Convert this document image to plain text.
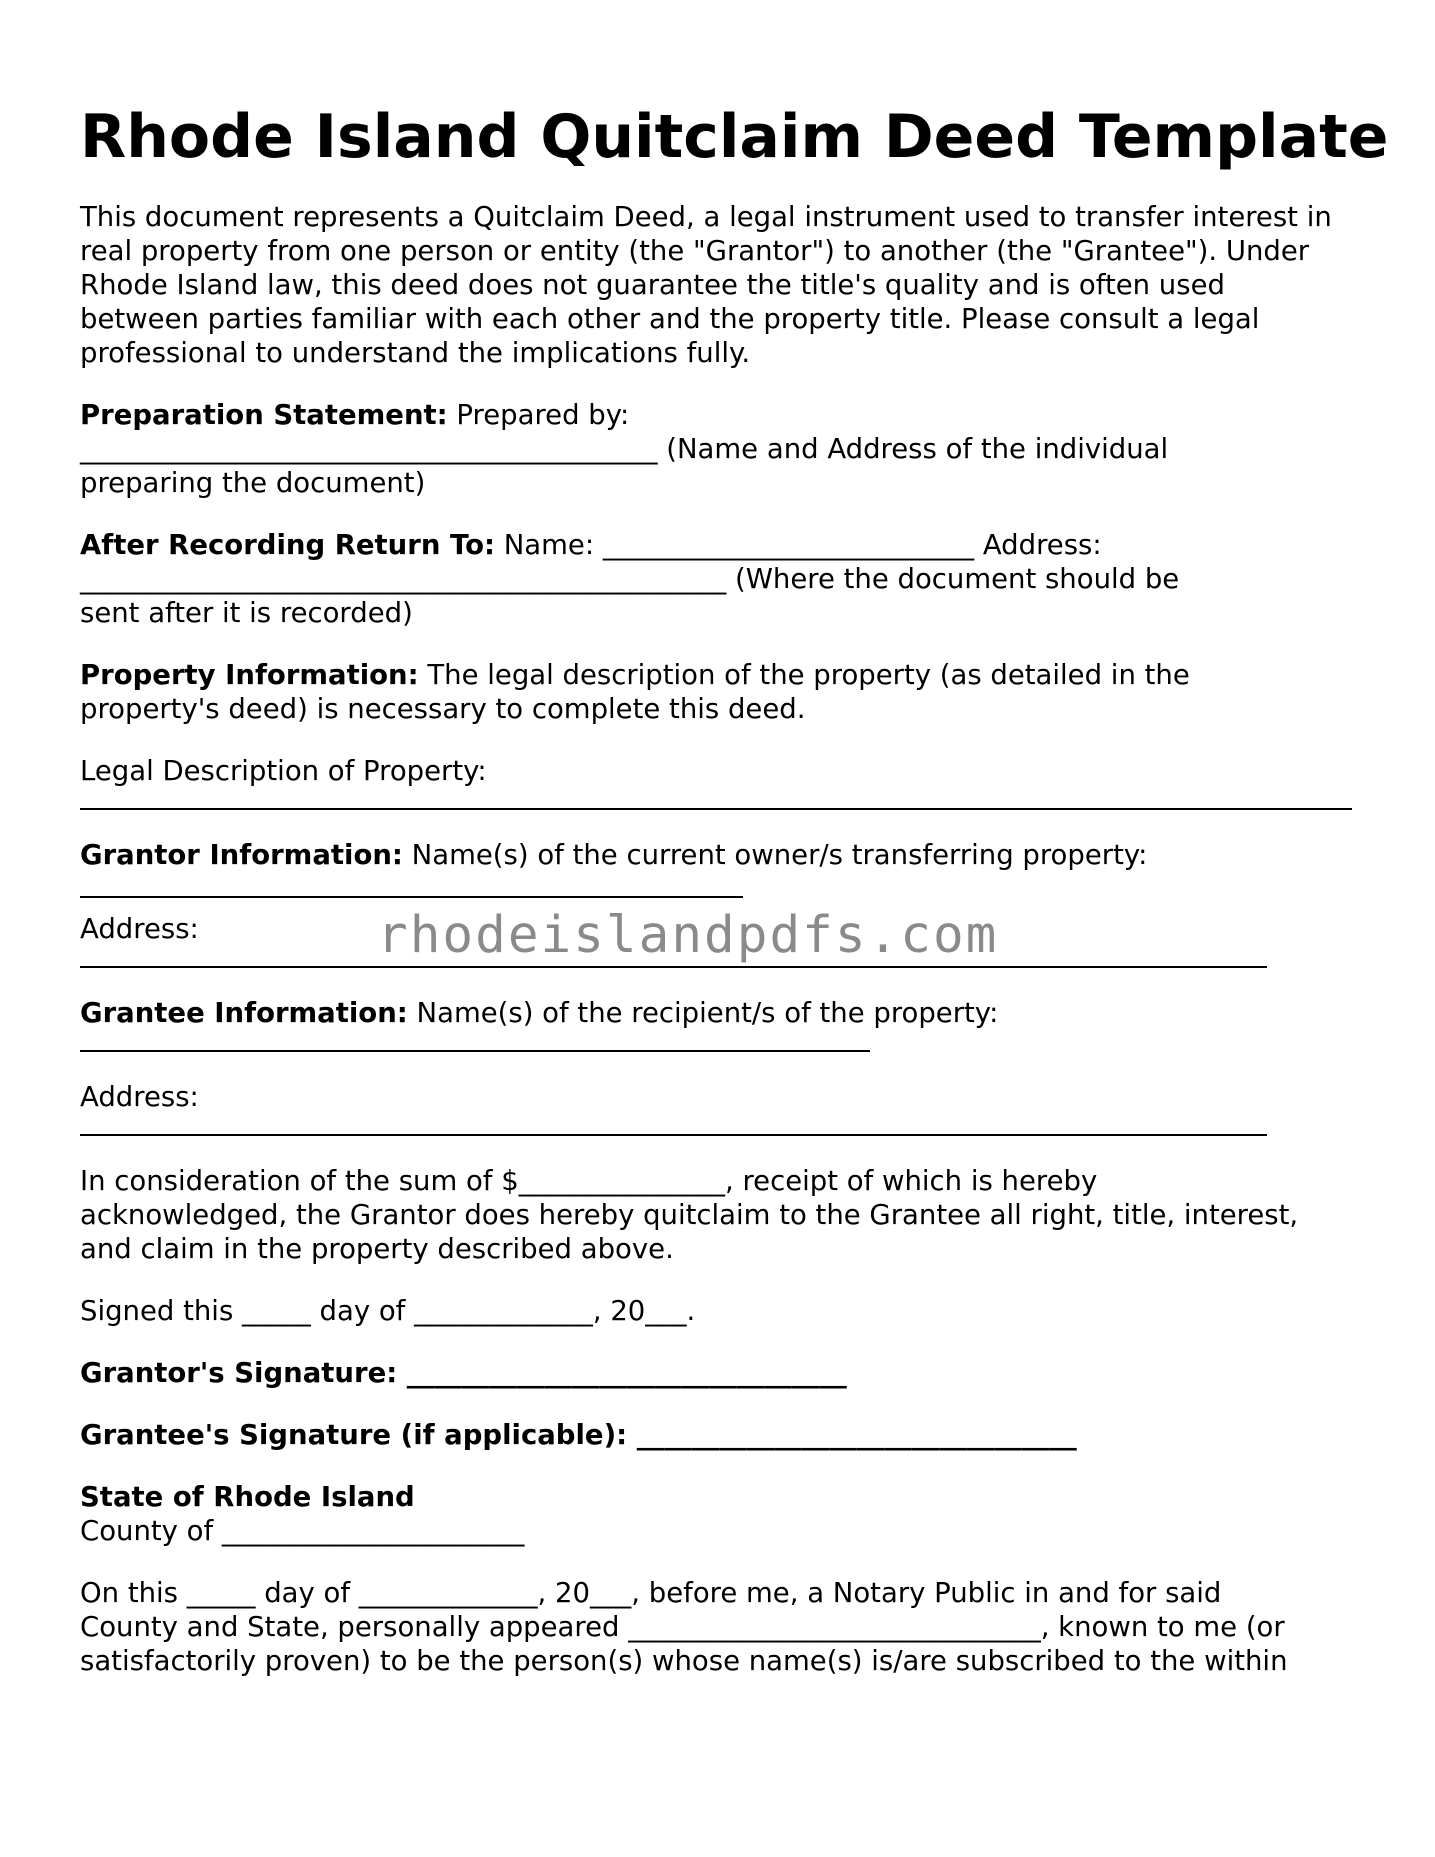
Rhode Island Quitclaim Deed Template

This document represents a Quitclaim Deed, a legal instrument used to transfer interest in
real property from one person or entity (the "Grantor") to another (the "Grantee"). Under
Rhode Island law, this deed does not guarantee the title's quality and is often used
between parties familiar with each other and the property title. Please consult a legal
professional to understand the implications fully.

Preparation Statement: Prepared by:
__________________________________________ (Name and Address of the individual
preparing the document)

After Recording Return To: Name: ___________________________ Address:
_______________________________________________ (Where the document should be
sent after it is recorded)

Property Information: The legal description of the property (as detailed in the
property's deed) is necessary to complete this deed.

Legal Description of Property:

Grantor Information: Name(s) of the current owner/s transferring property:

Address:

Grantee Information: Name(s) of the recipient/s of the property:

Address:

In consideration of the sum of $_______________, receipt of which is hereby
acknowledged, the Grantor does hereby quitclaim to the Grantee all right, title, interest,
and claim in the property described above.

Signed this _____ day of _____________, 20___.

Grantor's Signature: ________________________________

Grantee's Signature (if applicable): ________________________________

State of Rhode Island
County of ______________________

On this _____ day of _____________, 20___, before me, a Notary Public in and for said
County and State, personally appeared ______________________________, known to me (or
satisfactorily proven) to be the person(s) whose name(s) is/are subscribed to the within

rhodeislandpdfs.com
